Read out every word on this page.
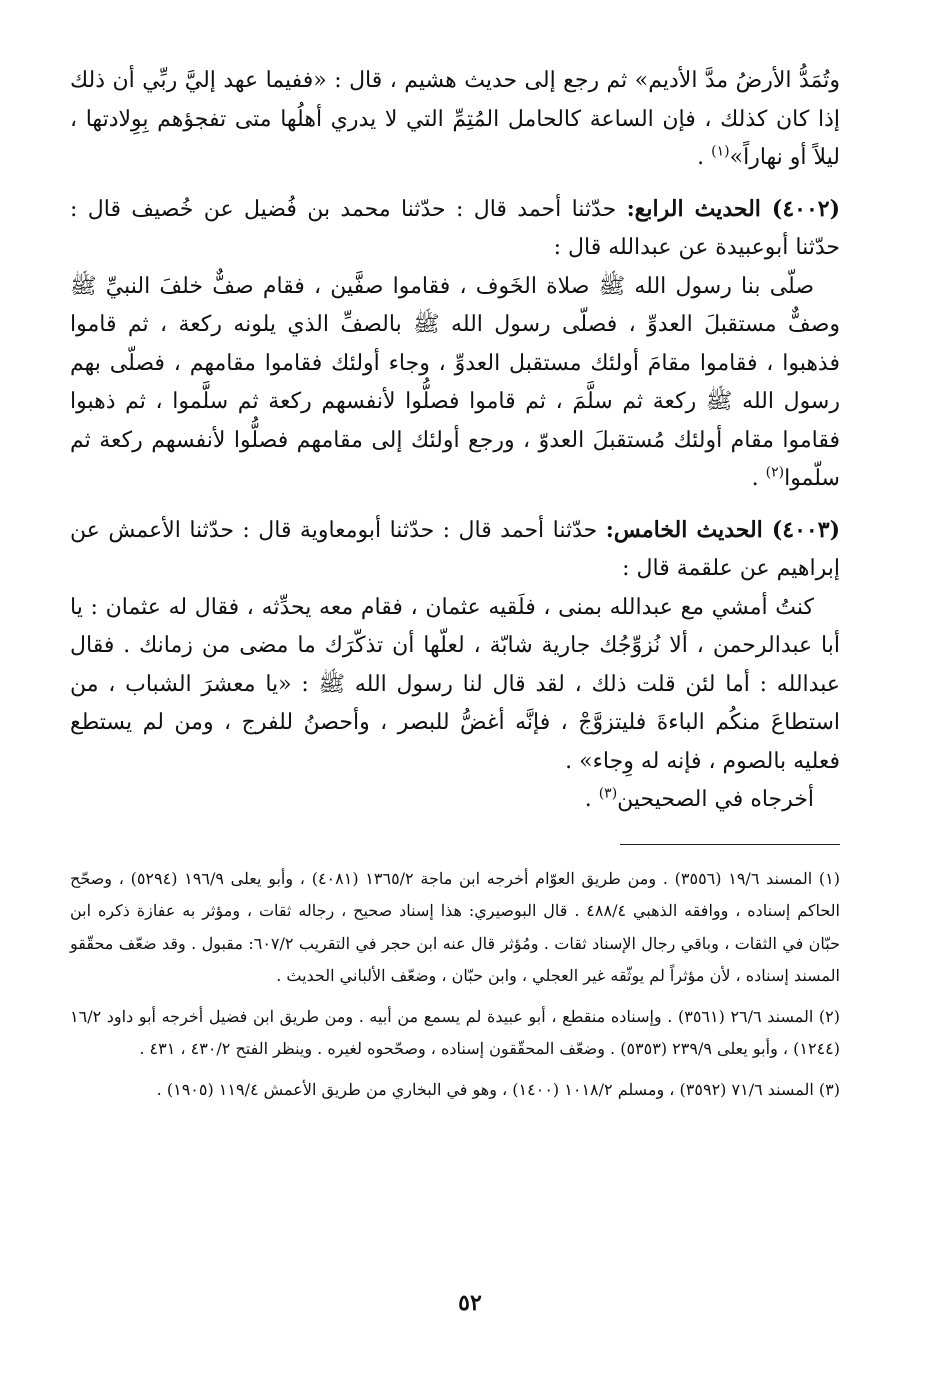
وتُمَدُّ الأرضُ مدَّ الأديم» ثم رجع إلى حديث هشيم ، قال : «ففيما عهد إليَّ ربِّي أن ذلك إذا كان كذلك ، فإن الساعة كالحامل المُتِمِّ التي لا يدري أهلُها متى تفجؤهم بِوِلادتها ، ليلاً أو نهاراً»$^{(١)}$ .

(٤٠٠٢) الحديث الرابع: حدّثنا أحمد قال : حدّثنا محمد بن فُضيل عن خُصيف قال : حدّثنا أبوعبيدة عن عبدالله قال :

صلّى بنا رسول الله ﷺ صلاة الخَوف ، فقاموا صفَّين ، فقام صفٌّ خلفَ النبيِّ ﷺ وصفٌّ مستقبلَ العدوِّ ، فصلّى رسول الله ﷺ بالصفِّ الذي يلونه ركعة ، ثم قاموا فذهبوا ، فقاموا مقامَ أولئك مستقبل العدوِّ ، وجاء أولئك فقاموا مقامهم ، فصلّى بهم رسول الله ﷺ ركعة ثم سلَّمَ ، ثم قاموا فصلُّوا لأنفسهم ركعة ثم سلَّموا ، ثم ذهبوا فقاموا مقام أولئك مُستقبلَ العدوّ ، ورجع أولئك إلى مقامهم فصلُّوا لأنفسهم ركعة ثم سلّموا$^{(٢)}$ .

(٤٠٠٣) الحديث الخامس: حدّثنا أحمد قال : حدّثنا أبومعاوية قال : حدّثنا الأعمش عن إبراهيم عن علقمة قال :

كنتُ أمشي مع عبدالله بمنى ، فلَقيه عثمان ، فقام معه يحدِّثه ، فقال له عثمان : يا أبا عبدالرحمن ، ألا نُزوِّجُك جارية شابّة ، لعلّها أن تذكّرَك ما مضى من زمانك . فقال عبدالله : أما لئن قلت ذلك ، لقد قال لنا رسول الله ﷺ : «يا معشرَ الشباب ، من استطاعَ منكُم الباءةَ فليتزوَّجْ ، فإنَّه أغضُّ للبصر ، وأحصنُ للفرج ، ومن لم يستطع فعليه بالصوم ، فإنه له وِجاء» .

أخرجاه في الصحيحين$^{(٣)}$ .

(١) المسند ١٩/٦ (٣٥٥٦) . ومن طريق العوّام أخرجه ابن ماجة ١٣٦٥/٢ (٤٠٨١) ، وأبو يعلى ١٩٦/٩ (٥٢٩٤) ، وصحّح الحاكم إسناده ، ووافقه الذهبي ٤٨٨/٤ . قال البوصيري: هذا إسناد صحيح ، رجاله ثقات ، ومؤثر به عفازة ذكره ابن حبّان في الثقات ، وباقي رجال الإسناد ثقات . ومُؤثر قال عنه ابن حجر في التقريب ٦٠٧/٢: مقبول . وقد ضعّف محقّقو المسند إسناده ، لأن مؤثراً لم يوثّقه غير العجلي ، وابن حبّان ، وضعّف الألباني الحديث .

(٢) المسند ٢٦/٦ (٣٥٦١) . وإسناده منقطع ، أبو عبيدة لم يسمع من أبيه . ومن طريق ابن فضيل أخرجه أبو داود ١٦/٢ (١٢٤٤) ، وأبو يعلى ٢٣٩/٩ (٥٣٥٣) . وضعّف المحقّقون إسناده ، وصحّحوه لغيره . وينظر الفتح ٤٣٠/٢ ، ٤٣١ .

(٣) المسند ٧١/٦ (٣٥٩٢) ، ومسلم ١٠١٨/٢ (١٤٠٠) ، وهو في البخاري من طريق الأعمش ١١٩/٤ (١٩٠٥) .

٥٢
